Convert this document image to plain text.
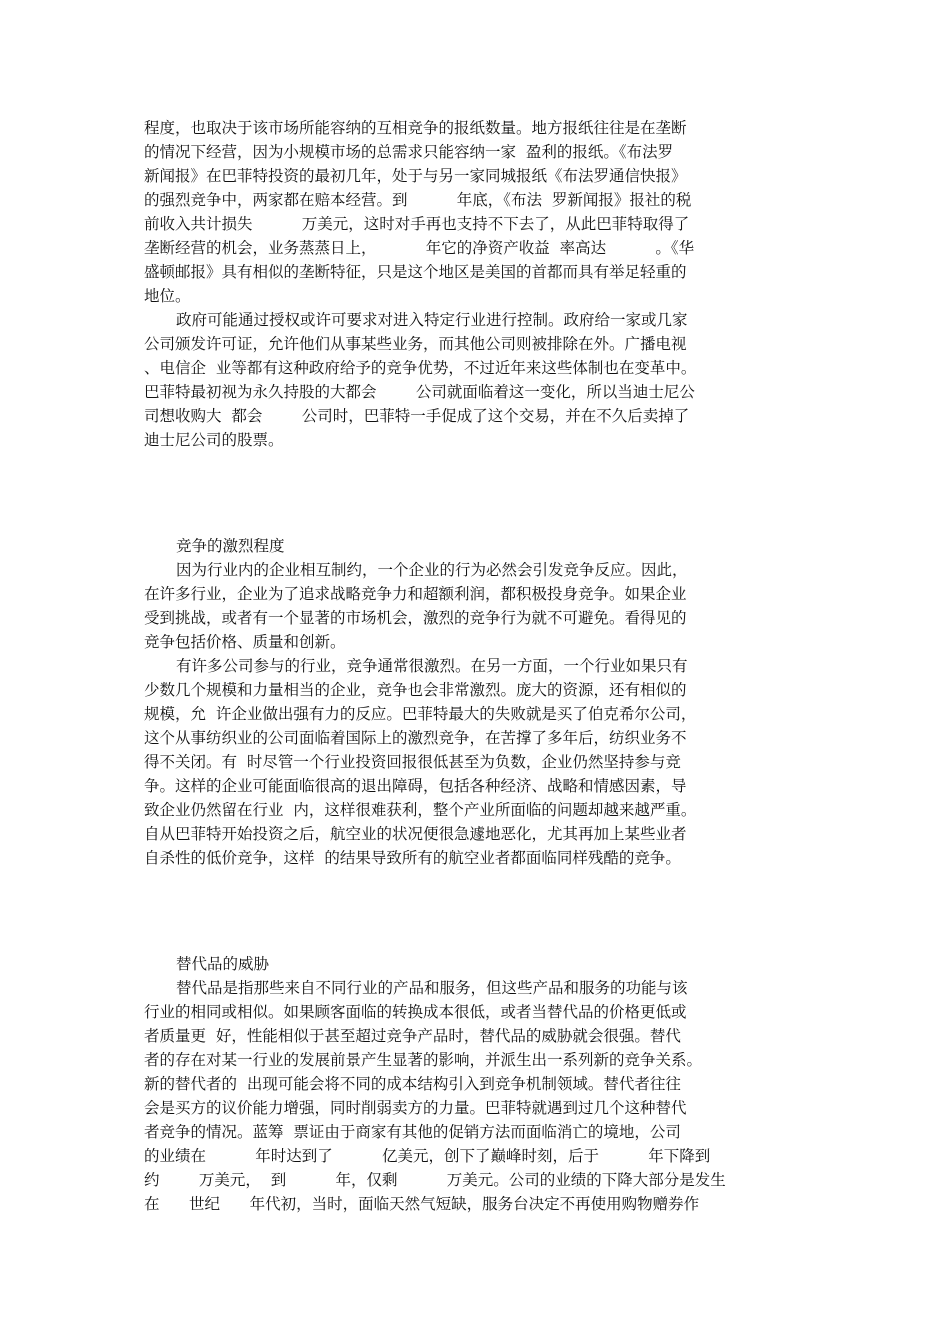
程度，也取决于该市场所能容纳的互相竞争的报纸数量。地方报纸往往是在垄断
的情况下经营，因为小规模市场的总需求只能容纳一家  盈利的报纸。《布法罗
新闻报》在巴菲特投资的最初几年，处于与另一家同城报纸《布法罗通信快报》
的强烈竞争中，两家都在赔本经营。到          年底，《布法  罗新闻报》报社的税
前收入共计损失          万美元，这时对手再也支持不下去了，从此巴菲特取得了
垄断经营的机会，业务蒸蒸日上，          年它的净资产收益  率高达          。《华
盛顿邮报》具有相似的垄断特征，只是这个地区是美国的首都而具有举足轻重的
地位。
政府可能通过授权或许可要求对进入特定行业进行控制。政府给一家或几家
公司颁发许可证，允许他们从事某些业务，而其他公司则被排除在外。广播电视
、电信企  业等都有这种政府给予的竞争优势，不过近年来这些体制也在变革中。
巴菲特最初视为永久持股的大都会        公司就面临着这一变化，所以当迪士尼公
司想收购大  都会        公司时，巴菲特一手促成了这个交易，并在不久后卖掉了
迪士尼公司的股票。
竞争的激烈程度
因为行业内的企业相互制约，一个企业的行为必然会引发竞争反应。因此，
在许多行业，企业为了追求战略竞争力和超额利润，都积极投身竞争。如果企业
受到挑战，或者有一个显著的市场机会，激烈的竞争行为就不可避免。看得见的
竞争包括价格、质量和创新。
有许多公司参与的行业，竞争通常很激烈。在另一方面，一个行业如果只有
少数几个规模和力量相当的企业，竞争也会非常激烈。庞大的资源，还有相似的
规模，允  许企业做出强有力的反应。巴菲特最大的失败就是买了伯克希尔公司，
这个从事纺织业的公司面临着国际上的激烈竞争，在苦撑了多年后，纺织业务不
得不关闭。有  时尽管一个行业投资回报很低甚至为负数，企业仍然坚持参与竞
争。这样的企业可能面临很高的退出障碍，包括各种经济、战略和情感因素，导
致企业仍然留在行业  内，这样很难获利，整个产业所面临的问题却越来越严重。
自从巴菲特开始投资之后，航空业的状况便很急遽地恶化，尤其再加上某些业者
自杀性的低价竞争，这样  的结果导致所有的航空业者都面临同样残酷的竞争。
替代品的威胁
替代品是指那些来自不同行业的产品和服务，但这些产品和服务的功能与该
行业的相同或相似。如果顾客面临的转换成本很低，或者当替代品的价格更低或
者质量更  好，性能相似于甚至超过竞争产品时，替代品的威胁就会很强。替代
者的存在对某一行业的发展前景产生显著的影响，并派生出一系列新的竞争关系。
新的替代者的  出现可能会将不同的成本结构引入到竞争机制领域。替代者往往
会是买方的议价能力增强，同时削弱卖方的力量。巴菲特就遇到过几个这种替代
者竞争的情况。蓝筹  票证由于商家有其他的促销方法而面临消亡的境地，公司
的业绩在          年时达到了          亿美元，创下了巅峰时刻，后于          年下降到
约        万美元，  到          年，仅剩          万美元。公司的业绩的下降大部分是发生
在      世纪      年代初，当时，面临天然气短缺，服务台决定不再使用购物赠券作
